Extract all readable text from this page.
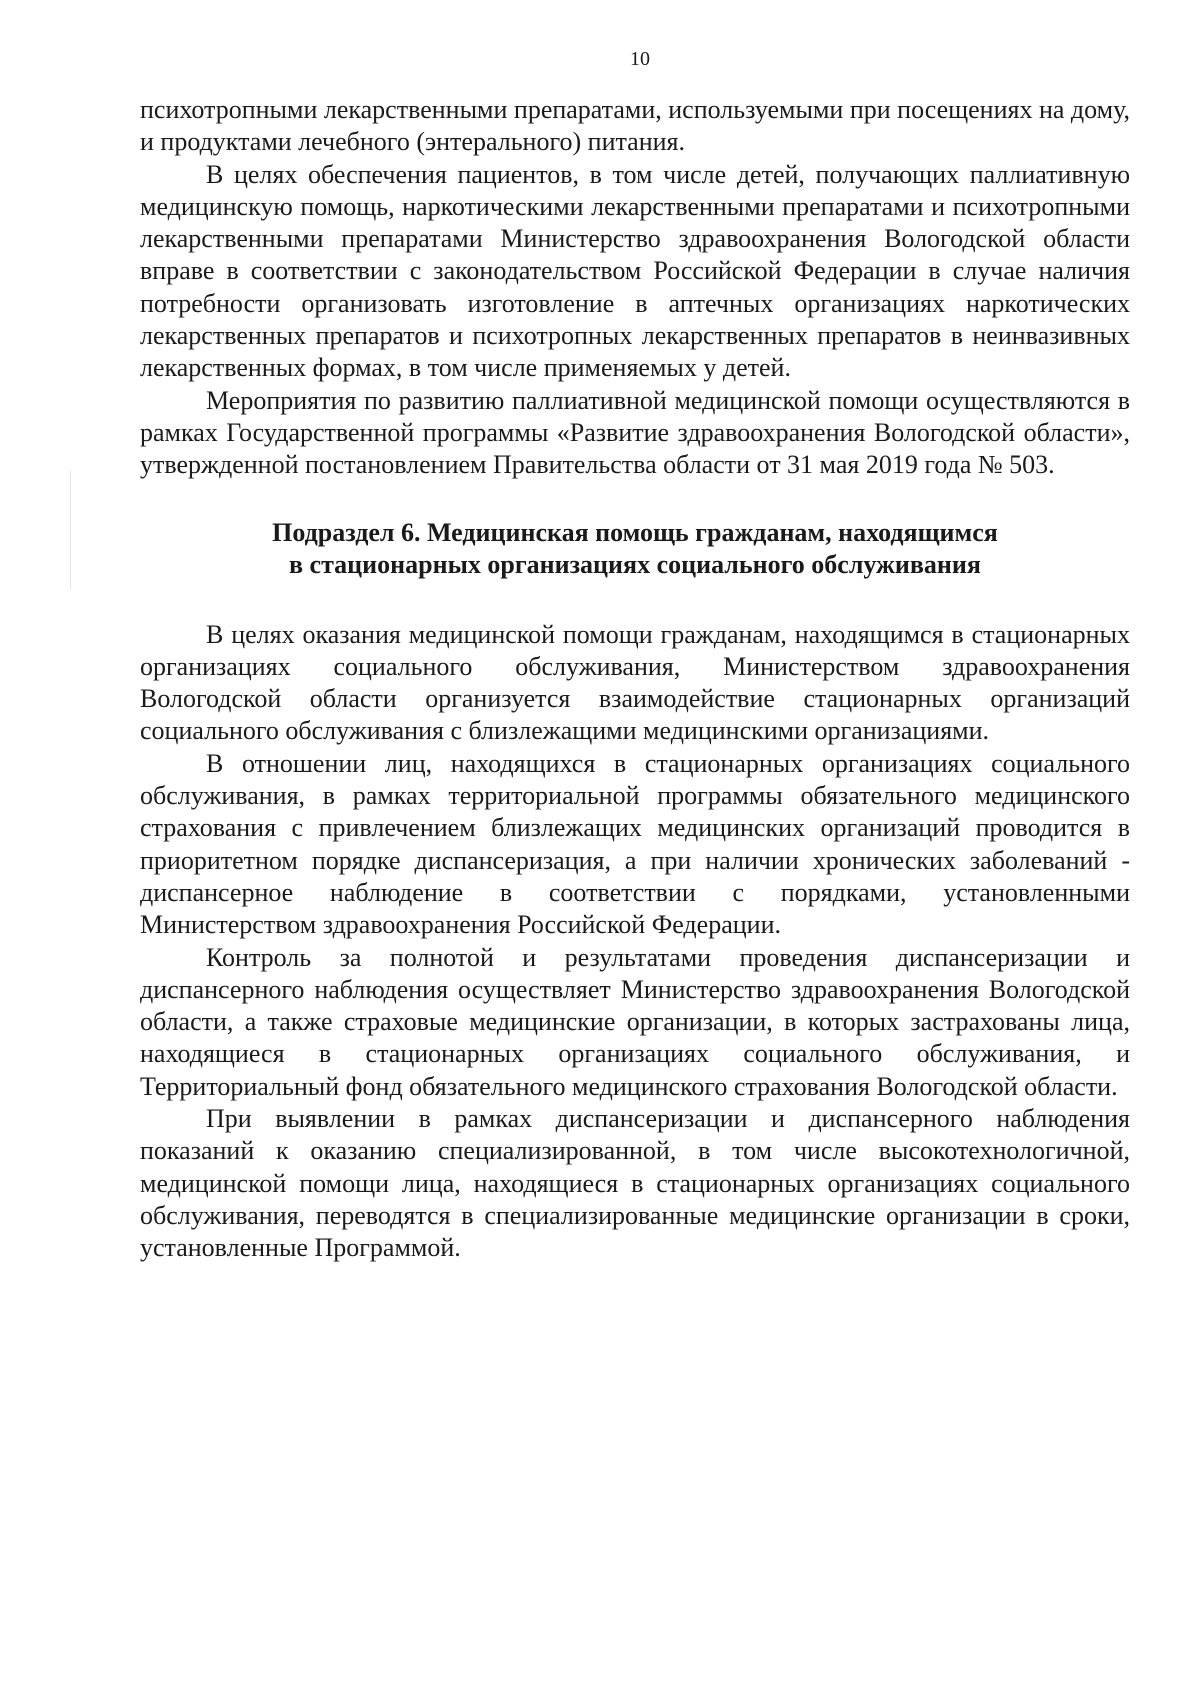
10

психотропными лекарственными препаратами, используемыми при посещениях на дому, и продуктами лечебного (энтерального) питания.

В целях обеспечения пациентов, в том числе детей, получающих паллиативную медицинскую помощь, наркотическими лекарственными препаратами и психотропными лекарственными препаратами Министерство здравоохранения Вологодской области вправе в соответствии с законодательством Российской Федерации в случае наличия потребности организовать изготовление в аптечных организациях наркотических лекарственных препаратов и психотропных лекарственных препаратов в неинвазивных лекарственных формах, в том числе применяемых у детей.

Мероприятия по развитию паллиативной медицинской помощи осуществляются в рамках Государственной программы «Развитие здравоохранения Вологодской области», утвержденной постановлением Правительства области от 31 мая 2019 года № 503.

Подраздел 6. Медицинская помощь гражданам, находящимся
в стационарных организациях социального обслуживания

В целях оказания медицинской помощи гражданам, находящимся в стационарных организациях социального обслуживания, Министерством здравоохранения Вологодской области организуется взаимодействие стационарных организаций социального обслуживания с близлежащими медицинскими организациями.

В отношении лиц, находящихся в стационарных организациях социального обслуживания, в рамках территориальной программы обязательного медицинского страхования с привлечением близлежащих медицинских организаций проводится в приоритетном порядке диспансеризация, а при наличии хронических заболеваний - диспансерное наблюдение в соответствии с порядками, установленными Министерством здравоохранения Российской Федерации.

Контроль за полнотой и результатами проведения диспансеризации и диспансерного наблюдения осуществляет Министерство здравоохранения Вологодской области, а также страховые медицинские организации, в которых застрахованы лица, находящиеся в стационарных организациях социального обслуживания, и Территориальный фонд обязательного медицинского страхования Вологодской области.

При выявлении в рамках диспансеризации и диспансерного наблюдения показаний к оказанию специализированной, в том числе высокотехнологичной, медицинской помощи лица, находящиеся в стационарных организациях социального обслуживания, переводятся в специализированные медицинские организации в сроки, установленные Программой.
